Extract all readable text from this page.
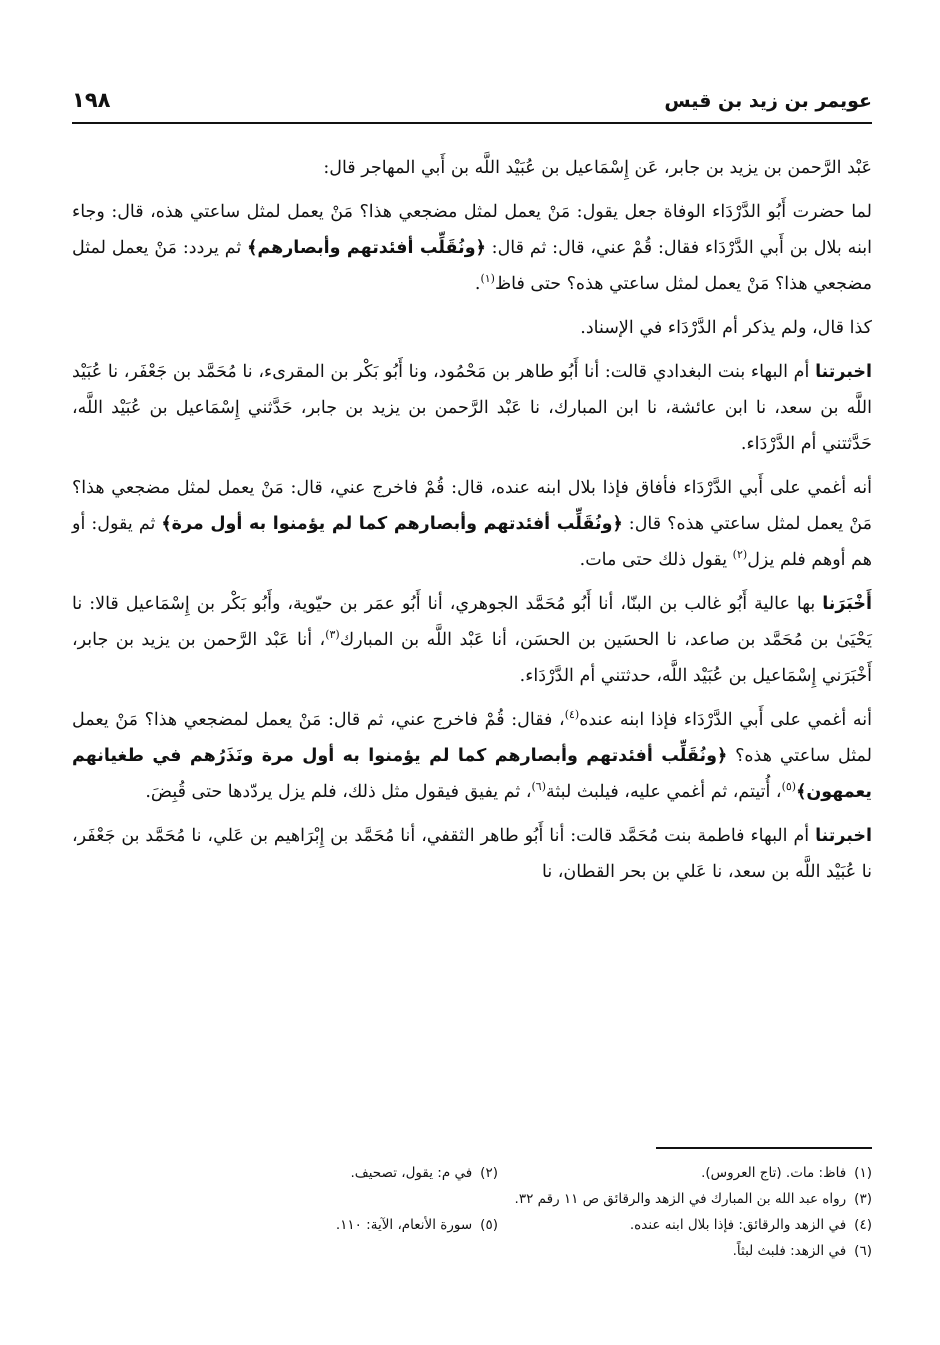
عويمر بن زيد بن قيس
١٩٨

عَبْد الرَّحمن بن يزيد بن جابر، عَن إِسْمَاعيل بن عُبَيْد اللَّه بن أَبي المهاجر قال:

لما حضرت أَبُو الدَّرْدَاء الوفاة جعل يقول: مَنْ يعمل لمثل مضجعي هذا؟ مَنْ يعمل لمثل ساعتي هذه، قال: وجاء ابنه بلال بن أَبي الدَّرْدَاء فقال: قُمْ عني، قال: ثم قال: ﴿ونُقَلِّب أفئدتهم وأبصارهم﴾ ثم يردد: مَنْ يعمل لمثل مضجعي هذا؟ مَنْ يعمل لمثل ساعتي هذه؟ حتى فاظ$^{(١)}$.

كذا قال، ولم يذكر أم الدَّرْدَاء في الإسناد.

اخبرتنا أم البهاء بنت البغدادي قالت: أنا أَبُو طاهر بن مَحْمُود، ونا أَبُو بَكْر بن المقرىء، نا مُحَمَّد بن جَعْفَر، نا عُبَيْد اللَّه بن سعد، نا ابن عائشة، نا ابن المبارك، نا عَبْد الرَّحمن بن يزيد بن جابر، حَدَّثني إِسْمَاعيل بن عُبَيْد اللَّه، حَدَّثتني أم الدَّرْدَاء.

أنه أغمي على أَبي الدَّرْدَاء فأفاق فإذا بلال ابنه عنده، قال: قُمْ فاخرج عني، قال: مَنْ يعمل لمثل مضجعي هذا؟ مَنْ يعمل لمثل ساعتي هذه؟ قال: ﴿ونُقَلِّب أفئدتهم وأبصارهم كما لم يؤمنوا به أول مرة﴾ ثم يقول: أو هم أوهم فلم يزل$^{(٢)}$ يقول ذلك حتى مات.

أَخْبَرَنا بها عالية أَبُو غالب بن البنّا، أنا أَبُو مُحَمَّد الجوهري، أنا أَبُو عمَر بن حيّوية، وأَبُو بَكْر بن إِسْمَاعيل قالا: نا يَحْيَىٰ بن مُحَمَّد بن صاعد، نا الحسَين بن الحسَن، أنا عَبْد اللَّه بن المبارك$^{(٣)}$، أنا عَبْد الرَّحمن بن يزيد بن جابر، أَخْبَرَني إِسْمَاعيل بن عُبَيْد اللَّه، حدثتني أم الدَّرْدَاء.

أنه أغمي على أَبي الدَّرْدَاء فإذا ابنه عنده$^{(٤)}$، فقال: قُمْ فاخرج عني، ثم قال: مَنْ يعمل لمضجعي هذا؟ مَنْ يعمل لمثل ساعتي هذه؟ ﴿ونُقَلِّب أفئدتهم وأبصارهم كما لم يؤمنوا به أول مرة ونَذَرُهم في طغيانهم يعمهون﴾$^{(٥)}$، أُتيتم، ثم أغمي عليه، فيلبث لبثة$^{(٦)}$، ثم يفيق فيقول مثل ذلك، فلم يزل يردّدها حتى قُبِضَ.

اخبرتنا أم البهاء فاطمة بنت مُحَمَّد قالت: أنا أَبُو طاهر الثقفي، أنا مُحَمَّد بن إِبْرَاهيم بن عَلي، نا مُحَمَّد بن جَعْفَر، نا عُبَيْد اللَّه بن سعد، نا عَلي بن بحر القطان، نا

(١)فاظ: مات. (تاج العروس).
(٢)في م: يقول، تصحيف.
(٣)رواه عبد الله بن المبارك في الزهد والرقائق ص ١١ رقم ٣٢.
(٤)في الزهد والرقائق: فإذا بلال ابنه عنده.
(٥)سورة الأنعام، الآية: ١١٠.
(٦)في الزهد: فلبث لبثاً.
